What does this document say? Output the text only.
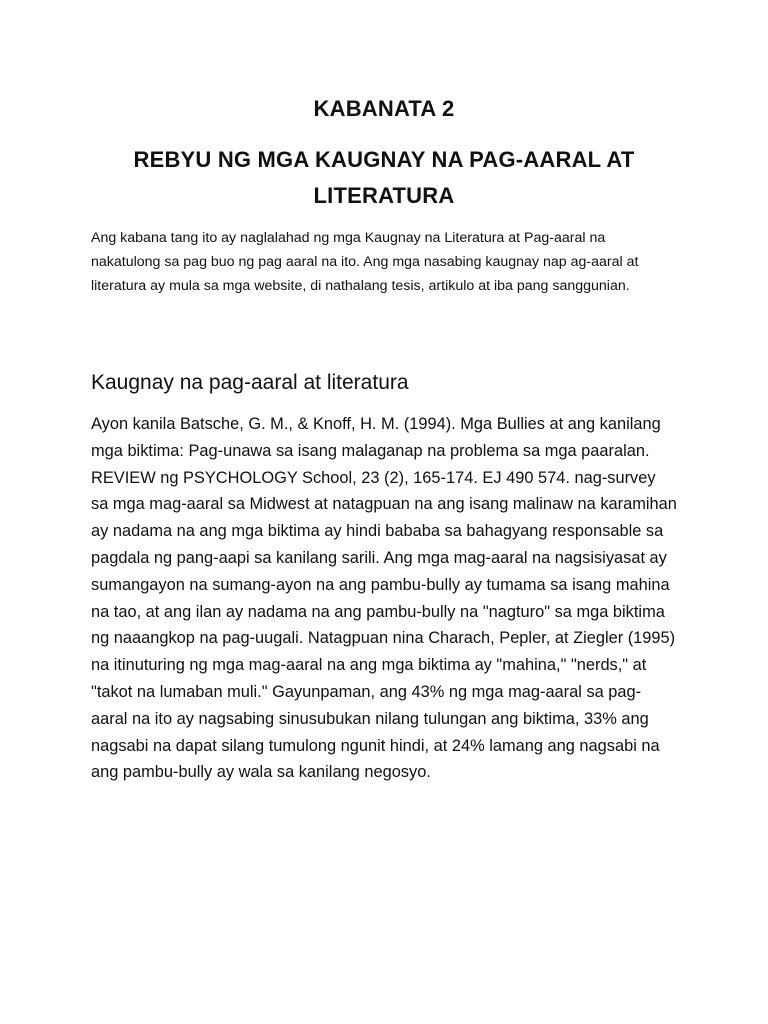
KABANATA 2
REBYU NG MGA KAUGNAY NA PAG-AARAL AT LITERATURA

Ang kabana tang ito ay naglalahad ng mga Kaugnay na Literatura at Pag-aaral na nakatulong sa pag buo ng pag aaral na ito. Ang mga nasabing kaugnay nap ag-aaral at literatura ay mula sa mga website, di nathalang tesis, artikulo at iba pang sanggunian.

Kaugnay na pag-aaral at literatura

Ayon kanila Batsche, G. M., & Knoff, H. M. (1994). Mga Bullies at ang kanilang mga biktima: Pag-unawa sa isang malaganap na problema sa mga paaralan. REVIEW ng PSYCHOLOGY School, 23 (2), 165-174. EJ 490 574. nag-survey sa mga mag-aaral sa Midwest at natagpuan na ang isang malinaw na karamihan ay nadama na ang mga biktima ay hindi bababa sa bahagyang responsable sa pagdala ng pang-aapi sa kanilang sarili. Ang mga mag-aaral na nagsisiyasat ay sumangayon na sumang-ayon na ang pambu-bully ay tumama sa isang mahina na tao, at ang ilan ay nadama na ang pambu-bully na "nagturo" sa mga biktima ng naaangkop na pag-uugali. Natagpuan nina Charach, Pepler, at Ziegler (1995) na itinuturing ng mga mag-aaral na ang mga biktima ay "mahina," "nerds," at "takot na lumaban muli." Gayunpaman, ang 43% ng mga mag-aaral sa pag-aaral na ito ay nagsabing sinusubukan nilang tulungan ang biktima, 33% ang nagsabi na dapat silang tumulong ngunit hindi, at 24% lamang ang nagsabi na ang pambu-bully ay wala sa kanilang negosyo.
